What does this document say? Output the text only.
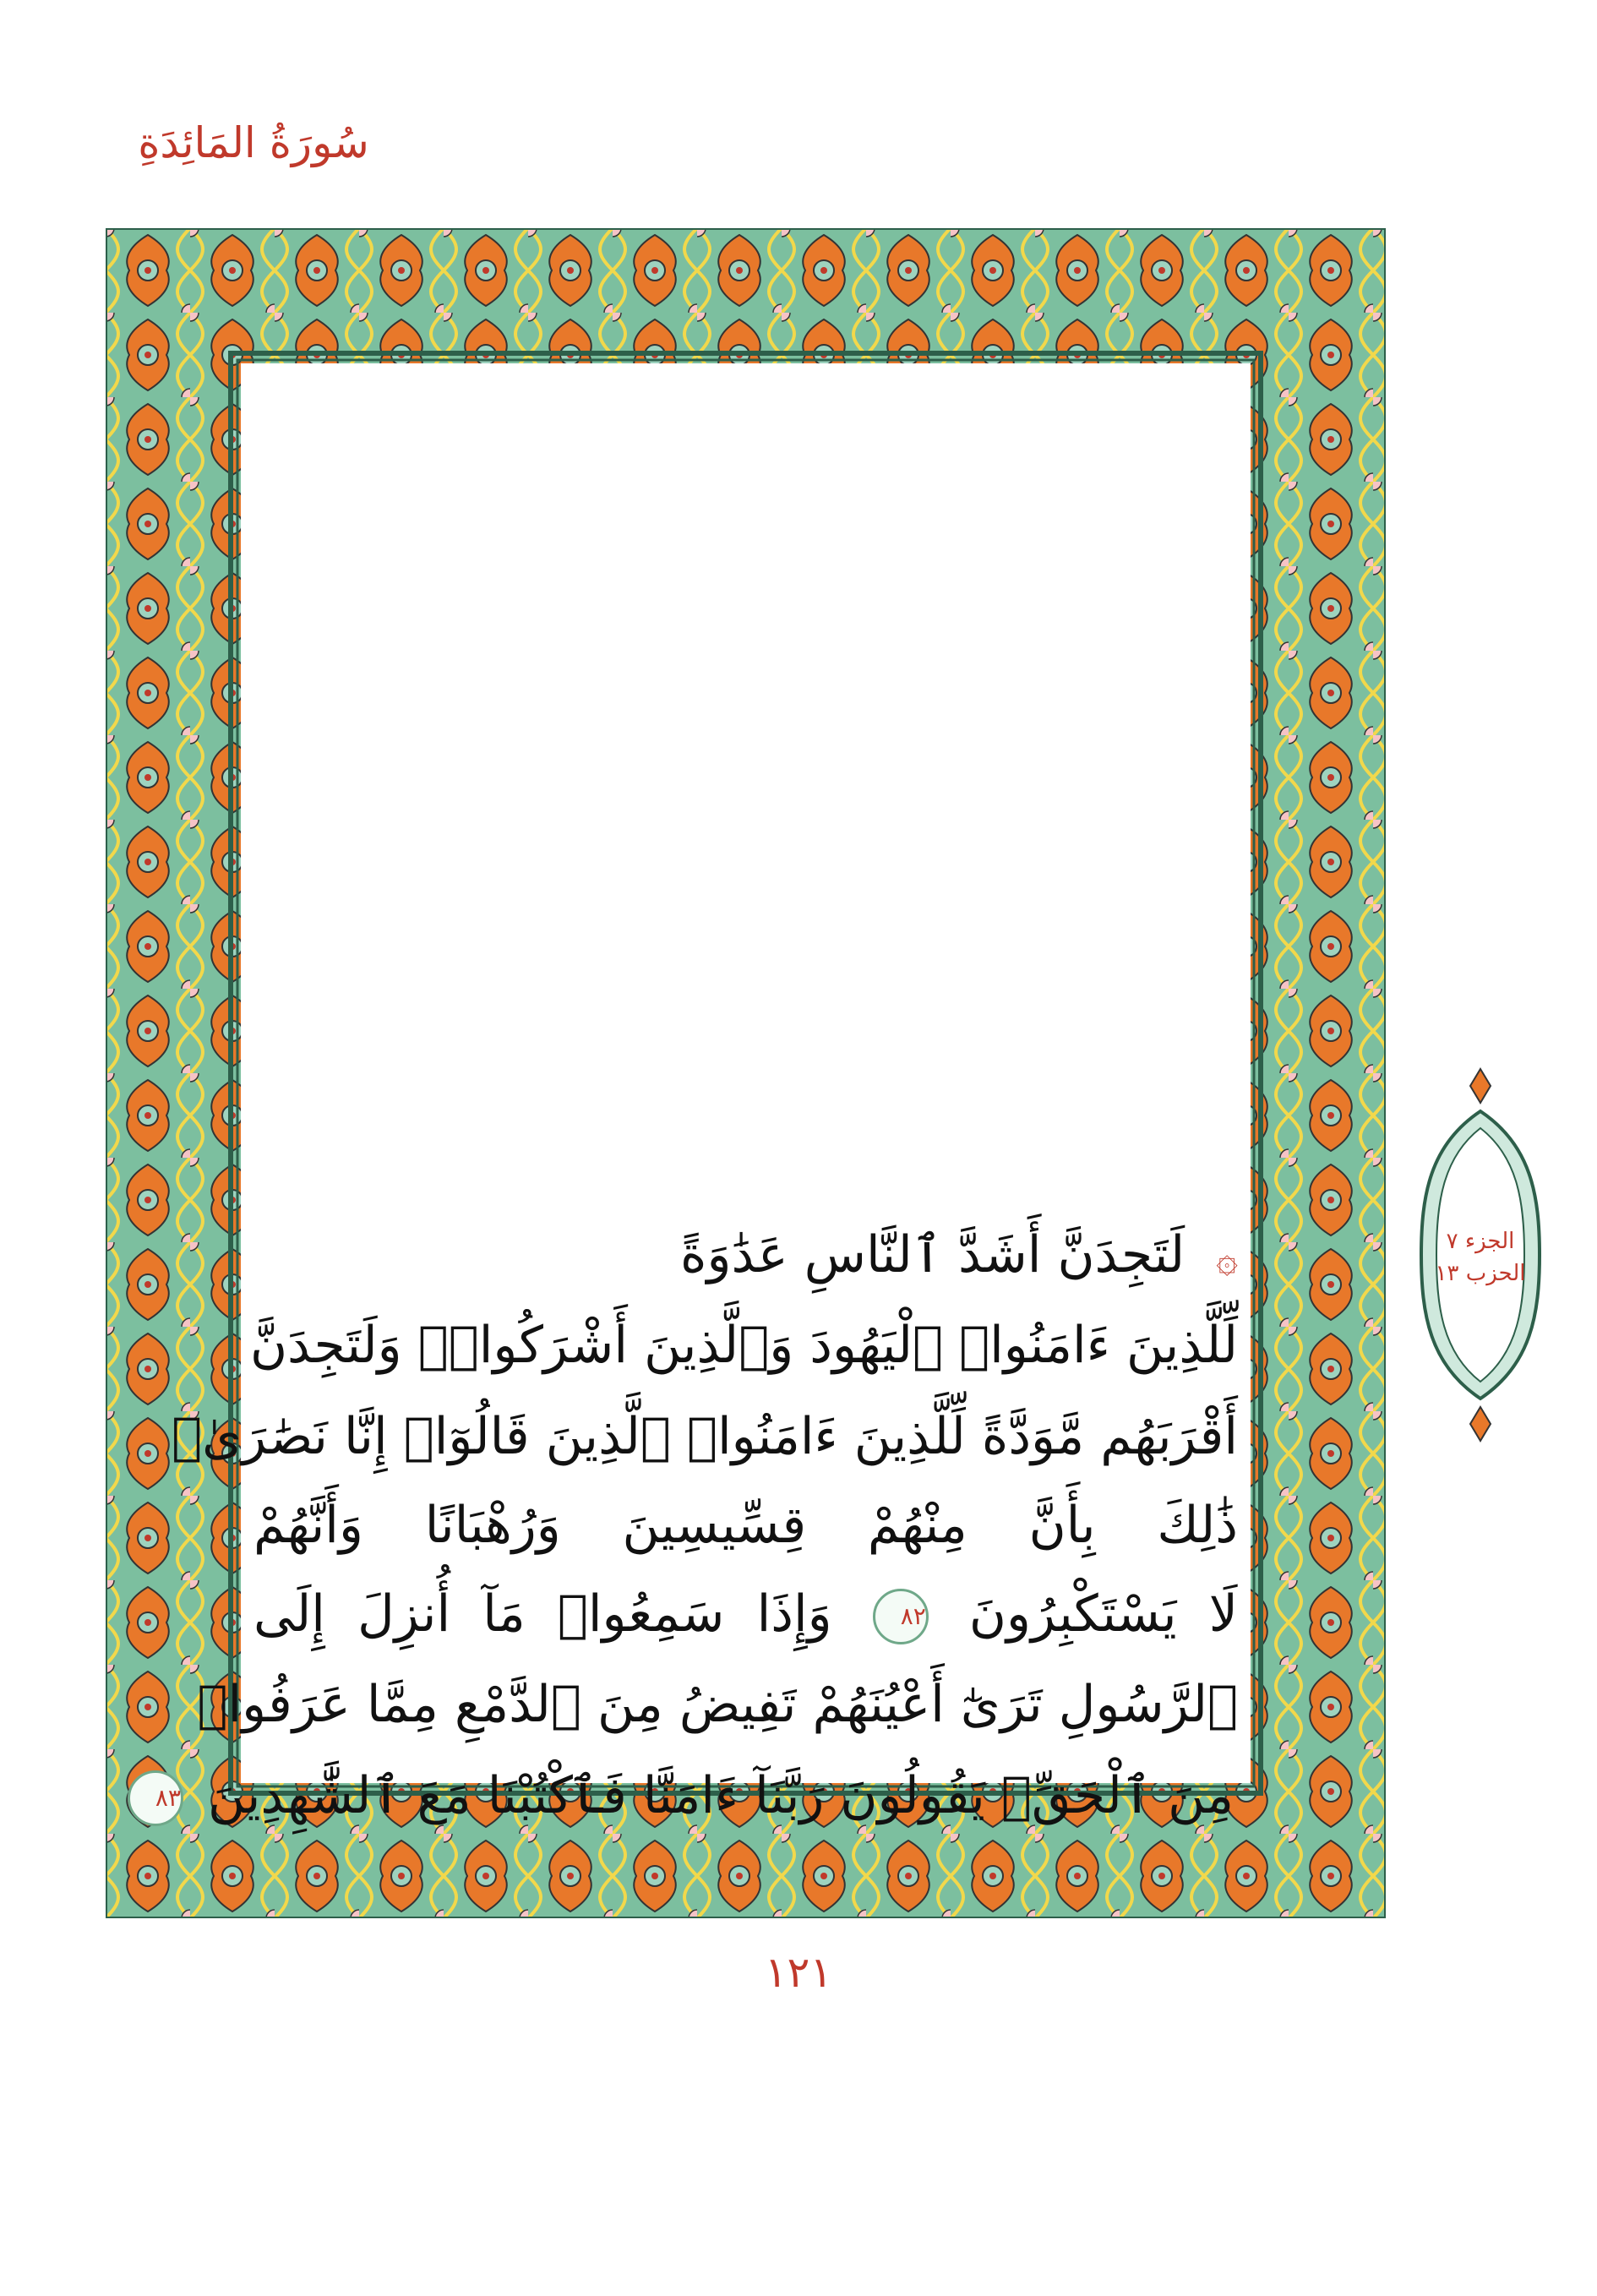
سُورَةُ المَائِدَةِ
۞ لَتَجِدَنَّ أَشَدَّ ٱلنَّاسِ عَدَٰوَةً
لِّلَّذِينَ ءَامَنُوا۟ ٱلْيَهُودَ وَٱلَّذِينَ أَشْرَكُوا۟ۖ وَلَتَجِدَنَّ
أَقْرَبَهُم مَّوَدَّةً لِّلَّذِينَ ءَامَنُوا۟ ٱلَّذِينَ قَالُوٓا۟ إِنَّا نَصَٰرَىٰۚ
ذَٰلِكَ بِأَنَّ مِنْهُمْ قِسِّيسِينَ وَرُهْبَانًا وَأَنَّهُمْ
لَا يَسْتَكْبِرُونَ ٨٢ وَإِذَا سَمِعُوا۟ مَآ أُنزِلَ إِلَى
ٱلرَّسُولِ تَرَىٰٓ أَعْيُنَهُمْ تَفِيضُ مِنَ ٱلدَّمْعِ مِمَّا عَرَفُوا۟
مِنَ ٱلْحَقِّۖ يَقُولُونَ رَبَّنَآ ءَامَنَّا فَٱكْتُبْنَا مَعَ ٱلشَّٰهِدِينَ ٨٣
الجزء ٧
الحزب ١٣
١٢١
